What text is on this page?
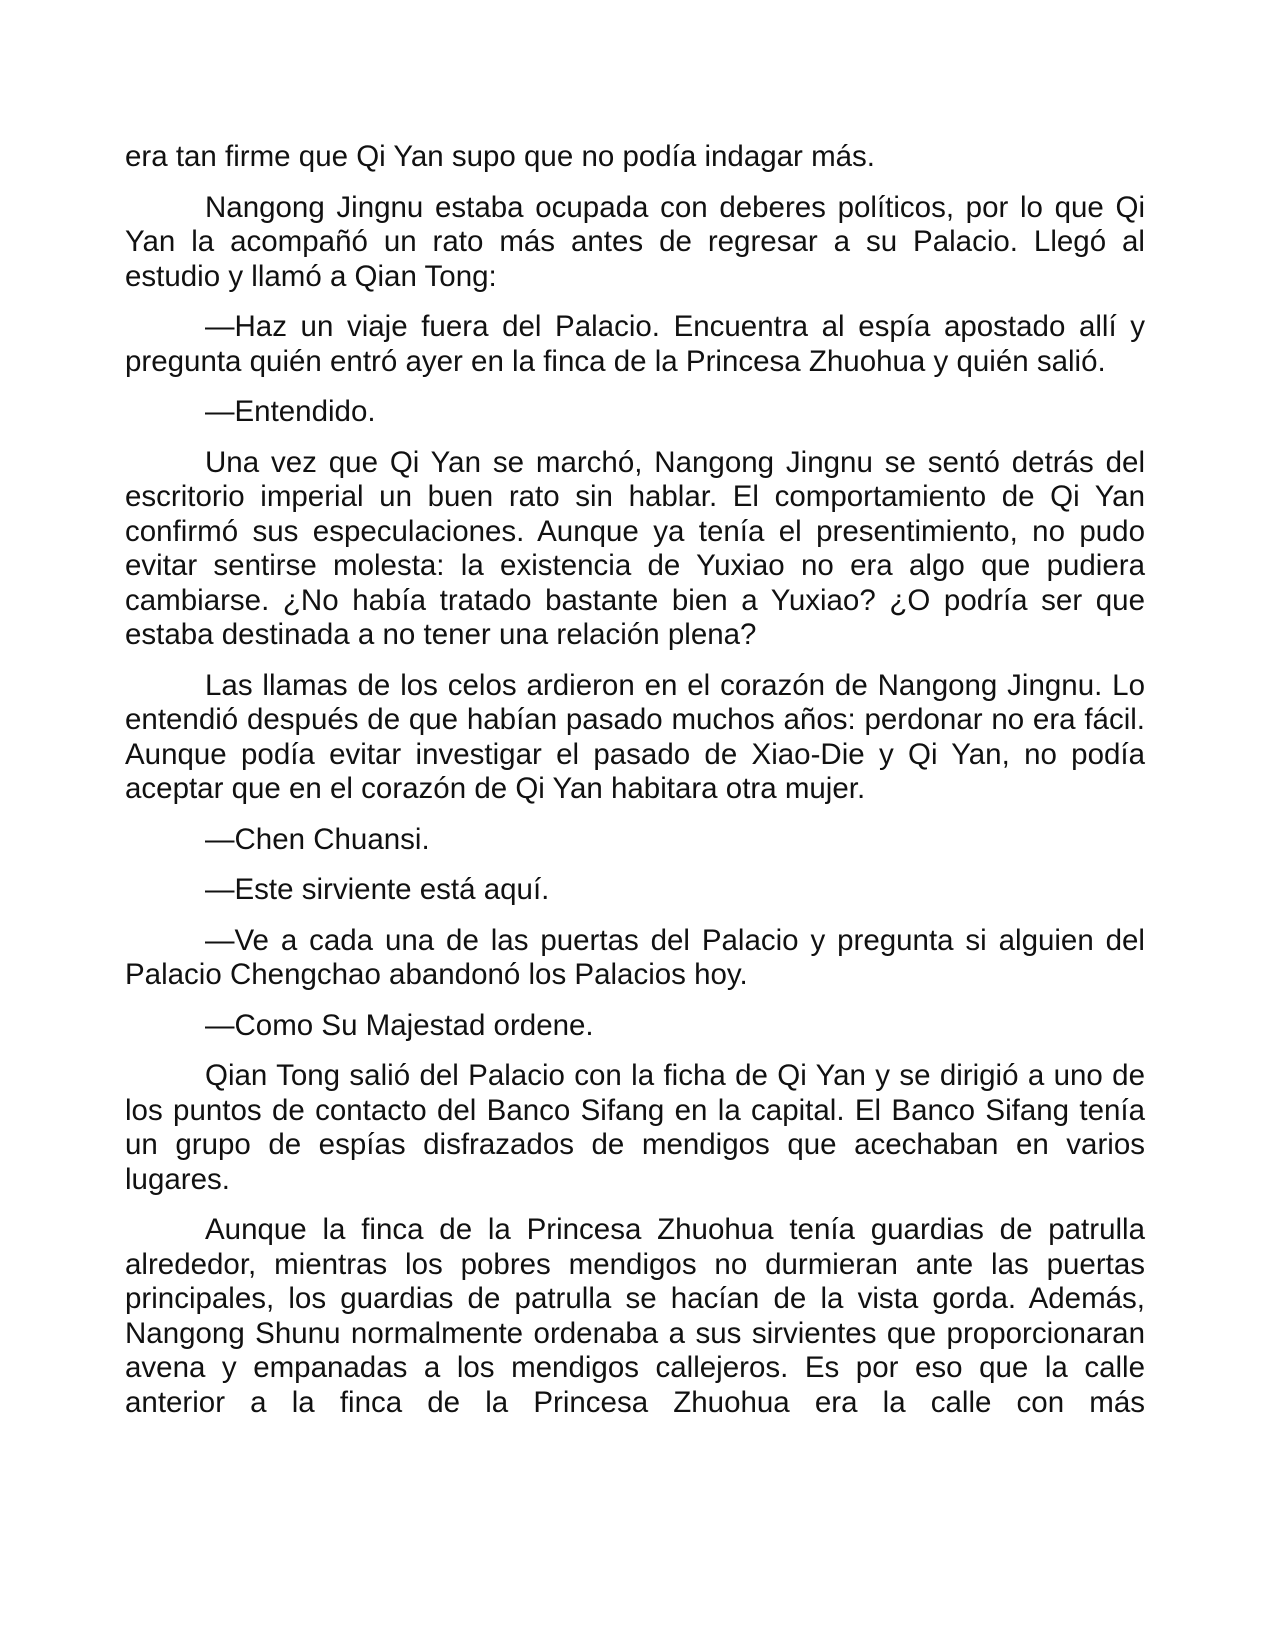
era tan firme que Qi Yan supo que no podía indagar más.

Nangong Jingnu estaba ocupada con deberes políticos, por lo que Qi Yan la acompañó un rato más antes de regresar a su Palacio. Llegó al estudio y llamó a Qian Tong:

—Haz un viaje fuera del Palacio. Encuentra al espía apostado allí y pregunta quién entró ayer en la finca de la Princesa Zhuohua y quién salió.

—Entendido.

Una vez que Qi Yan se marchó, Nangong Jingnu se sentó detrás del escritorio imperial un buen rato sin hablar. El comportamiento de Qi Yan confirmó sus especulaciones. Aunque ya tenía el presentimiento, no pudo evitar sentirse molesta: la existencia de Yuxiao no era algo que pudiera cambiarse. ¿No había tratado bastante bien a Yuxiao? ¿O podría ser que estaba destinada a no tener una relación plena?

Las llamas de los celos ardieron en el corazón de Nangong Jingnu. Lo entendió después de que habían pasado muchos años: perdonar no era fácil. Aunque podía evitar investigar el pasado de Xiao-Die y Qi Yan, no podía aceptar que en el corazón de Qi Yan habitara otra mujer.

—Chen Chuansi.

—Este sirviente está aquí.

—Ve a cada una de las puertas del Palacio y pregunta si alguien del Palacio Chengchao abandonó los Palacios hoy.

—Como Su Majestad ordene.

Qian Tong salió del Palacio con la ficha de Qi Yan y se dirigió a uno de los puntos de contacto del Banco Sifang en la capital. El Banco Sifang tenía un grupo de espías disfrazados de mendigos que acechaban en varios lugares.

Aunque la finca de la Princesa Zhuohua tenía guardias de patrulla alrededor, mientras los pobres mendigos no durmieran ante las puertas principales, los guardias de patrulla se hacían de la vista gorda. Además, Nangong Shunu normalmente ordenaba a sus sirvientes que proporcionaran avena y empanadas a los mendigos callejeros. Es por eso que la calle anterior a la finca de la Princesa Zhuohua era la calle con más
